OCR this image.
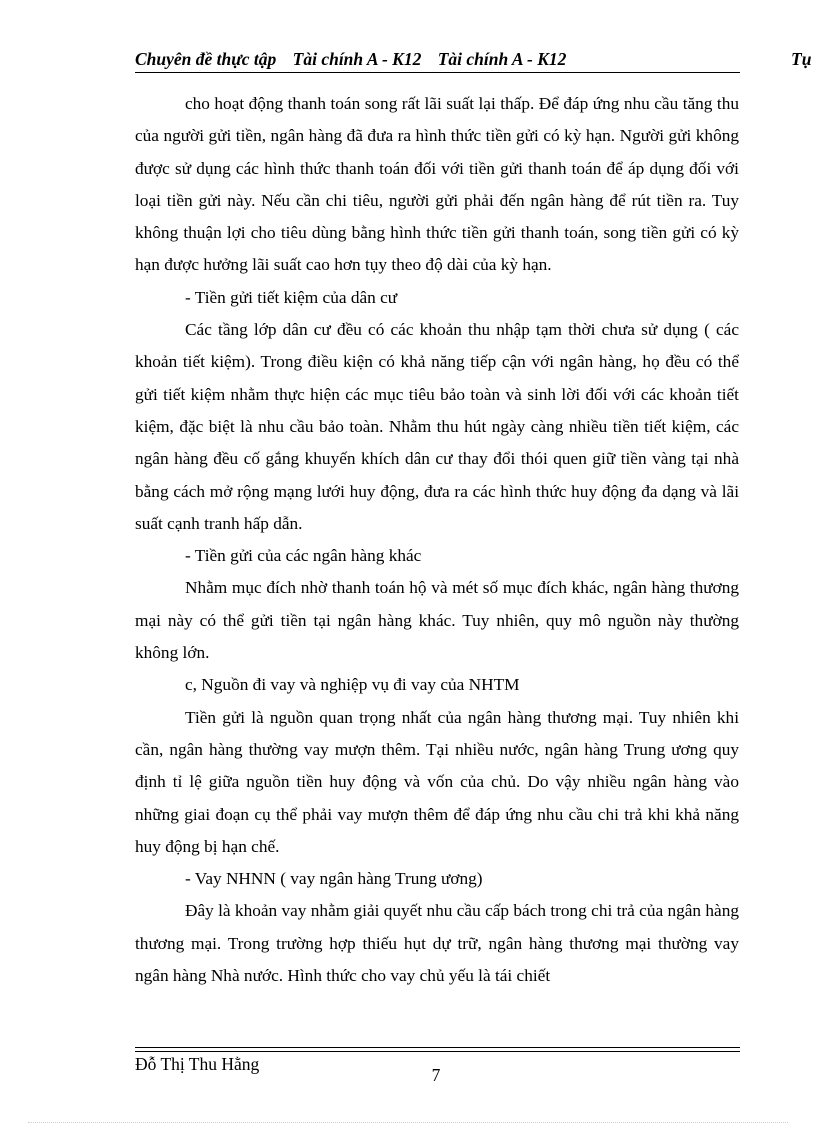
Chuyên đề thực tập Tài chính A - K12 Tài chính A - K12	Tụ

cho hoạt động thanh toán song rất lãi suất lại thấp. Để đáp ứng nhu cầu tăng thu của người gửi tiền, ngân hàng đã đưa ra hình thức tiền gửi có kỳ hạn. Người gửi không được sử dụng các hình thức thanh toán đối với tiền gửi thanh toán để áp dụng đối với loại tiền gửi này. Nếu cần chi tiêu, người gửi phải đến ngân hàng để rút tiền ra. Tuy không thuận lợi cho tiêu dùng bằng hình thức tiền gửi thanh toán, song tiền gửi có kỳ hạn được hưởng lãi suất cao hơn tụy theo độ dài của kỳ hạn.

- Tiền gửi tiết kiệm của dân cư

Các tầng lớp dân cư đều có các khoản thu nhập tạm thời chưa sử dụng ( các khoản tiết kiệm). Trong điều kiện có khả năng tiếp cận với ngân hàng, họ đều có thể gửi tiết kiệm nhằm thực hiện các mục tiêu bảo toàn và sinh lời đối với các khoản tiết kiệm, đặc biệt là nhu cầu bảo toàn. Nhằm thu hút ngày càng nhiều tiền tiết kiệm, các ngân hàng đều cố gắng khuyến khích dân cư thay đổi thói quen giữ tiền vàng tại nhà bằng cách mở rộng mạng lưới huy động, đưa ra các hình thức huy động đa dạng và lãi suất cạnh tranh hấp dẫn.

- Tiền gửi của các ngân hàng khác

Nhằm mục đích nhờ thanh toán hộ và mét số mục đích khác, ngân hàng thương mại này có thể gửi tiền tại ngân hàng khác. Tuy nhiên, quy mô nguồn này thường không lớn.

c, Nguồn đi vay và nghiệp vụ đi vay của NHTM

Tiền gửi là nguồn quan trọng nhất của ngân hàng thương mại. Tuy nhiên khi cần, ngân hàng thường vay mượn thêm. Tại nhiều nước, ngân hàng Trung ương quy định tỉ lệ giữa nguồn tiền huy động và vốn của chủ. Do vậy nhiều ngân hàng vào những giai đoạn cụ thể phải vay mượn thêm để đáp ứng nhu cầu chi trả khi khả năng huy động bị hạn chế.

- Vay NHNN ( vay ngân hàng Trung ương)

Đây là khoản vay nhằm giải quyết nhu cầu cấp bách trong chi trả của ngân hàng thương mại. Trong trường hợp thiếu hụt dự trữ, ngân hàng thương mại thường vay ngân hàng Nhà nước. Hình thức cho vay chủ yếu là tái chiết

Đỗ Thị Thu Hằng
7
